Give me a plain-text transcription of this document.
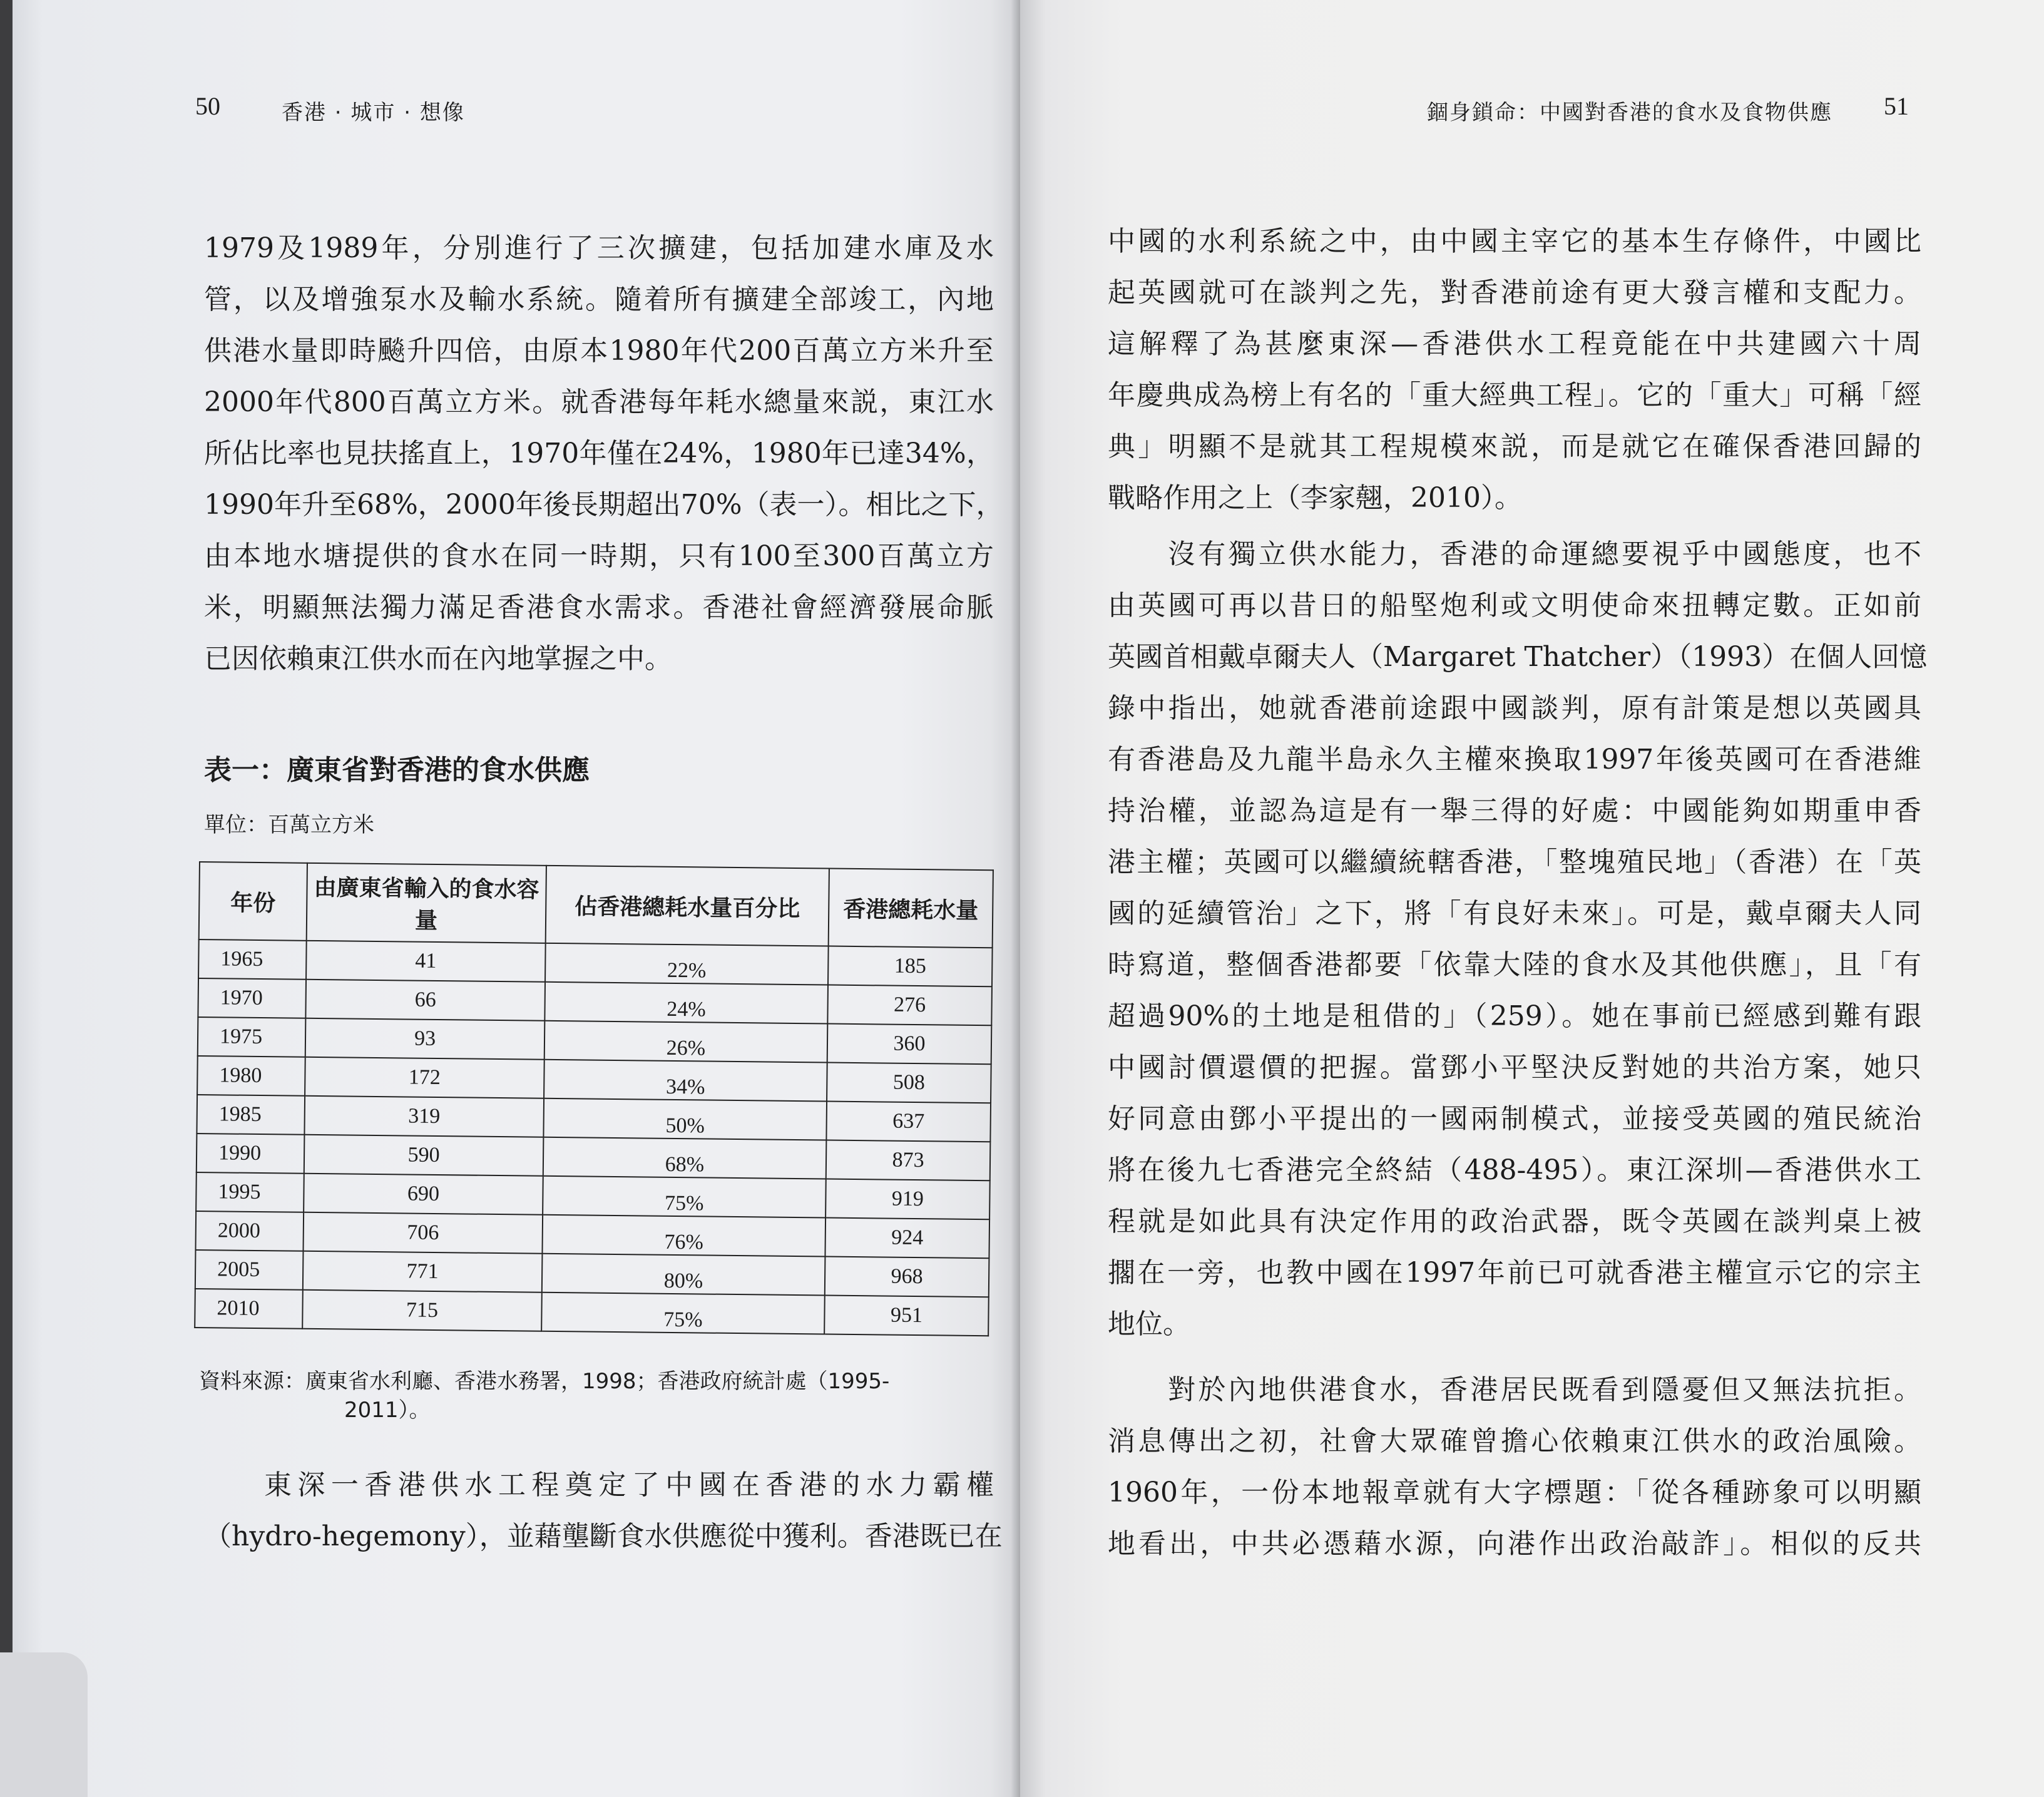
50	香港 · 城市 · 想像
1979及1989年，分別進行了三次擴建，包括加建水庫及水
管，以及增強泵水及輸水系統。隨着所有擴建全部竣工，內地
供港水量即時飈升四倍，由原本1980年代200百萬立方米升至
2000年代800百萬立方米。就香港每年耗水總量來説，東江水
所佔比率也見扶搖直上，1970年僅在24%，1980年已達34%，
1990年升至68%，2000年後長期超出70%（表一）。相比之下，
由本地水塘提供的食水在同一時期，只有100至300百萬立方
米，明顯無法獨力滿足香港食水需求。香港社會經濟發展命脈
已因依賴東江供水而在內地掌握之中。
表一：廣東省對香港的食水供應
單位：百萬立方米
年份	由廣東省輸入的食水容量	佔香港總耗水量百分比	香港總耗水量
1965	41	22%	185
1970	66	24%	276
1975	93	26%	360
1980	172	34%	508
1985	319	50%	637
1990	590	68%	873
1995	690	75%	919
2000	706	76%	924
2005	771	80%	968
2010	715	75%	951
資料來源：廣東省水利廳、香港水務署，1998；香港政府統計處（1995-
2011）。
東深一香港供水工程奠定了中國在香港的水力霸權
（hydro-hegemony），並藉壟斷食水供應從中獲利。香港既已在
錮身鎖命：中國對香港的食水及食物供應 51
中國的水利系統之中，由中國主宰它的基本生存條件，中國比
起英國就可在談判之先，對香港前途有更大發言權和支配力。
這解釋了為甚麼東深—香港供水工程竟能在中共建國六十周
年慶典成為榜上有名的「重大經典工程」。它的「重大」可稱「經
典」明顯不是就其工程規模來説，而是就它在確保香港回歸的
戰略作用之上（李家翹，2010）。
沒有獨立供水能力，香港的命運總要視乎中國態度，也不
由英國可再以昔日的船堅炮利或文明使命來扭轉定數。正如前
英國首相戴卓爾夫人（Margaret Thatcher）（1993）在個人回憶
錄中指出，她就香港前途跟中國談判，原有計策是想以英國具
有香港島及九龍半島永久主權來換取1997年後英國可在香港維
持治權，並認為這是有一舉三得的好處：中國能夠如期重申香
港主權；英國可以繼續統轄香港，「整塊殖民地」（香港）在「英
國的延續管治」之下，將「有良好未來」。可是，戴卓爾夫人同
時寫道，整個香港都要「依靠大陸的食水及其他供應」，且「有
超過90%的土地是租借的」（259）。她在事前已經感到難有跟
中國討價還價的把握。當鄧小平堅決反對她的共治方案，她只
好同意由鄧小平提出的一國兩制模式，並接受英國的殖民統治
將在後九七香港完全終結（488-495）。東江深圳—香港供水工
程就是如此具有決定作用的政治武器，既令英國在談判桌上被
擱在一旁，也教中國在1997年前已可就香港主權宣示它的宗主
地位。
對於內地供港食水，香港居民既看到隱憂但又無法抗拒。
消息傳出之初，社會大眾確曾擔心依賴東江供水的政治風險。
1960年，一份本地報章就有大字標題：「從各種跡象可以明顯
地看出，中共必憑藉水源，向港作出政治敲詐」。相似的反共
